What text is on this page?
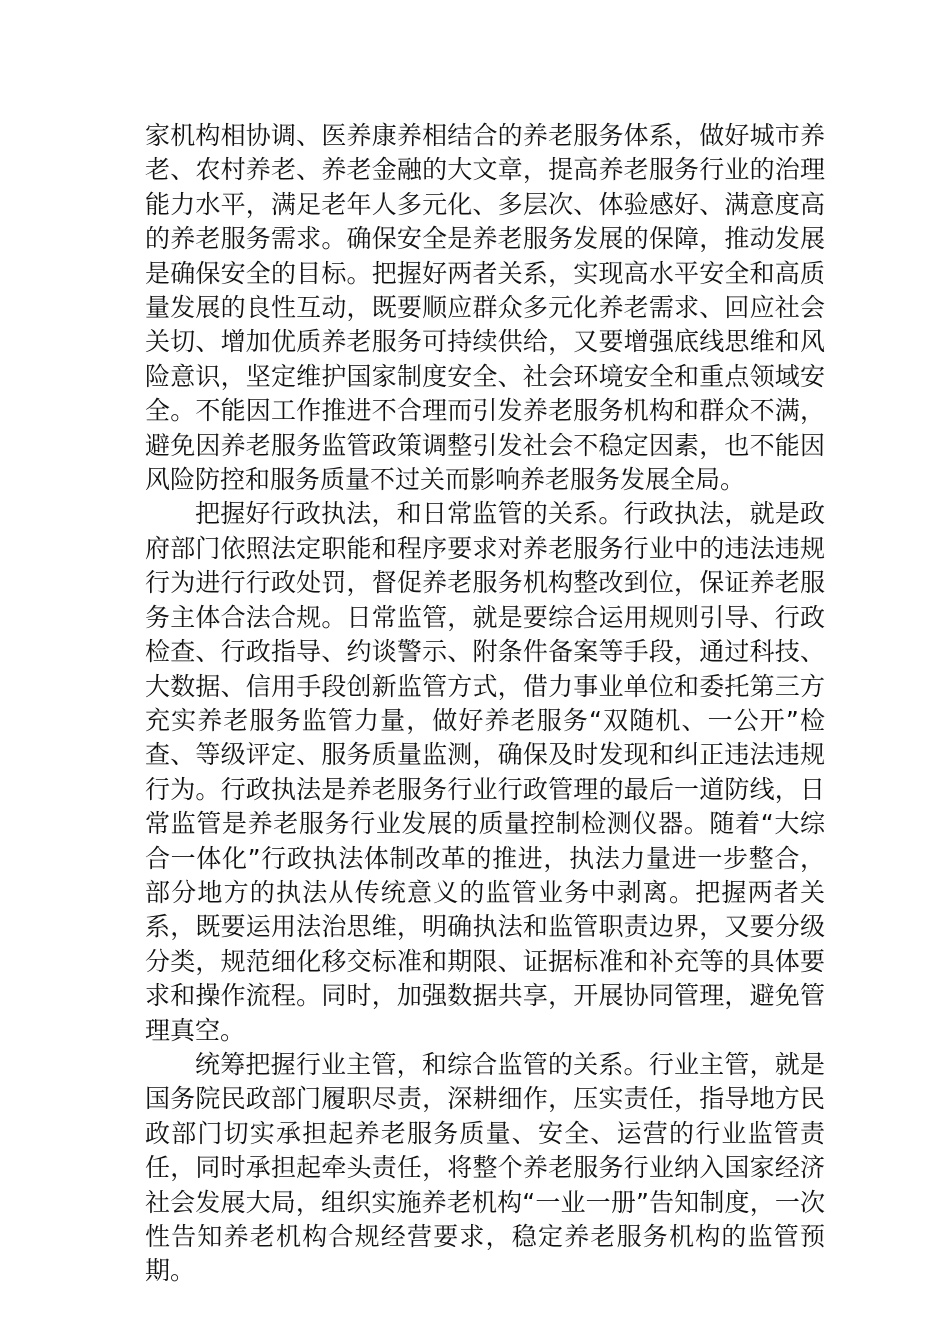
家机构相协调、医养康养相结合的养老服务体系，做好城市养老、农村养老、养老金融的大文章，提高养老服务行业的治理能力水平，满足老年人多元化、多层次、体验感好、满意度高的养老服务需求。确保安全是养老服务发展的保障，推动发展是确保安全的目标。把握好两者关系，实现高水平安全和高质量发展的良性互动，既要顺应群众多元化养老需求、回应社会关切、增加优质养老服务可持续供给，又要增强底线思维和风险意识，坚定维护国家制度安全、社会环境安全和重点领域安全。不能因工作推进不合理而引发养老服务机构和群众不满，避免因养老服务监管政策调整引发社会不稳定因素，也不能因风险防控和服务质量不过关而影响养老服务发展全局。

把握好行政执法，和日常监管的关系。行政执法，就是政府部门依照法定职能和程序要求对养老服务行业中的违法违规行为进行行政处罚，督促养老服务机构整改到位，保证养老服务主体合法合规。日常监管，就是要综合运用规则引导、行政检查、行政指导、约谈警示、附条件备案等手段，通过科技、大数据、信用手段创新监管方式，借力事业单位和委托第三方充实养老服务监管力量，做好养老服务“双随机、一公开”检查、等级评定、服务质量监测，确保及时发现和纠正违法违规行为。行政执法是养老服务行业行政管理的最后一道防线，日常监管是养老服务行业发展的质量控制检测仪器。随着“大综合一体化”行政执法体制改革的推进，执法力量进一步整合，部分地方的执法从传统意义的监管业务中剥离。把握两者关系，既要运用法治思维，明确执法和监管职责边界，又要分级分类，规范细化移交标准和期限、证据标准和补充等的具体要求和操作流程。同时，加强数据共享，开展协同管理，避免管理真空。

统筹把握行业主管，和综合监管的关系。行业主管，就是国务院民政部门履职尽责，深耕细作，压实责任，指导地方民政部门切实承担起养老服务质量、安全、运营的行业监管责任，同时承担起牵头责任，将整个养老服务行业纳入国家经济社会发展大局，组织实施养老机构“一业一册”告知制度，一次性告知养老机构合规经营要求，稳定养老服务机构的监管预期。
